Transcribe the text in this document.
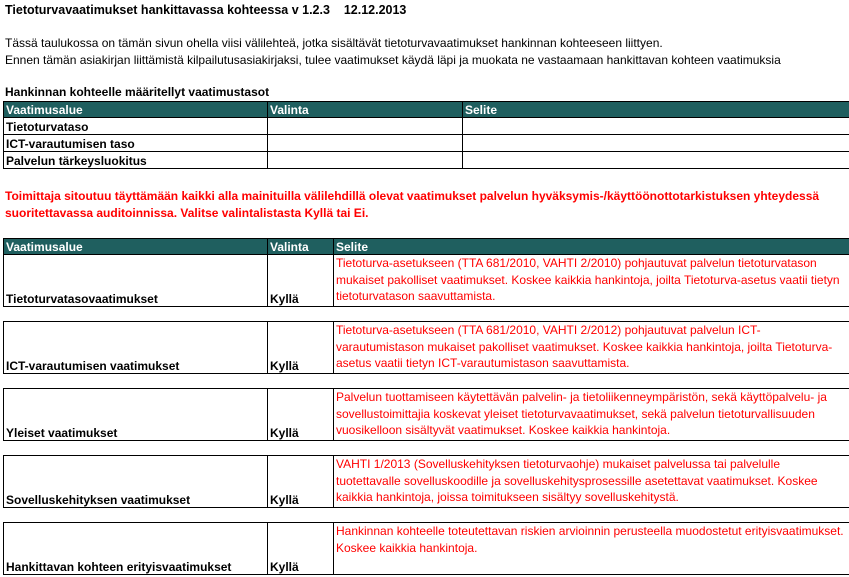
Tietoturvavaatimukset hankittavassa kohteessa v 1.2.3    12.12.2013
Tässä taulukossa on tämän sivun ohella viisi välilehteä, jotka sisältävät tietoturvavaatimukset hankinnan kohteeseen liittyen.
Ennen tämän asiakirjan liittämistä kilpailutusasiakirjaksi, tulee vaatimukset käydä läpi ja muokata ne vastaamaan hankittavan kohteen vaatimuksia
Hankinnan kohteelle määritellyt vaatimustasot
Vaatimusalue	Valinta	Selite
Tietoturvataso		
ICT-varautumisen taso		
Palvelun tärkeysluokitus		
Toimittaja sitoutuu täyttämään kaikki alla mainituilla välilehdillä olevat vaatimukset palvelun hyväksymis-/käyttöönottotarkistuksen yhteydessä suoritettavassa auditoinnissa. Valitse valintalistasta Kyllä tai Ei.
Vaatimusalue	Valinta	Selite
Tietoturvatasovaatimukset	Kyllä	Tietoturva-asetukseen (TTA 681/2010, VAHTI 2/2010) pohjautuvat palvelun tietoturvatason mukaiset pakolliset vaatimukset. Koskee kaikkia hankintoja, joilta Tietoturva-asetus vaatii tietyn tietoturvatason saavuttamista.

ICT-varautumisen vaatimukset	Kyllä	Tietoturva-asetukseen (TTA 681/2010, VAHTI 2/2012) pohjautuvat palvelun ICT-varautumistason mukaiset pakolliset vaatimukset. Koskee kaikkia hankintoja, joilta Tietoturva-asetus vaatii tietyn ICT-varautumistason saavuttamista.

Yleiset vaatimukset	Kyllä	Palvelun tuottamiseen käytettävän palvelin- ja tietoliikenneympäristön, sekä käyttöpalvelu- ja sovellustoimittajia koskevat yleiset tietoturvavaatimukset, sekä palvelun tietoturvallisuuden vuosikelloon sisältyvät vaatimukset. Koskee kaikkia hankintoja.

Sovelluskehityksen vaatimukset	Kyllä	VAHTI 1/2013 (Sovelluskehityksen tietoturvaohje) mukaiset palvelussa tai palvelulle tuotettavalle sovelluskoodille ja sovelluskehitysprosessille asetettavat vaatimukset. Koskee kaikkia hankintoja, joissa toimitukseen sisältyy sovelluskehitystä.

Hankittavan kohteen erityisvaatimukset	Kyllä	Hankinnan kohteelle toteutettavan riskien arvioinnin perusteella muodostetut erityisvaatimukset. Koskee kaikkia hankintoja.
